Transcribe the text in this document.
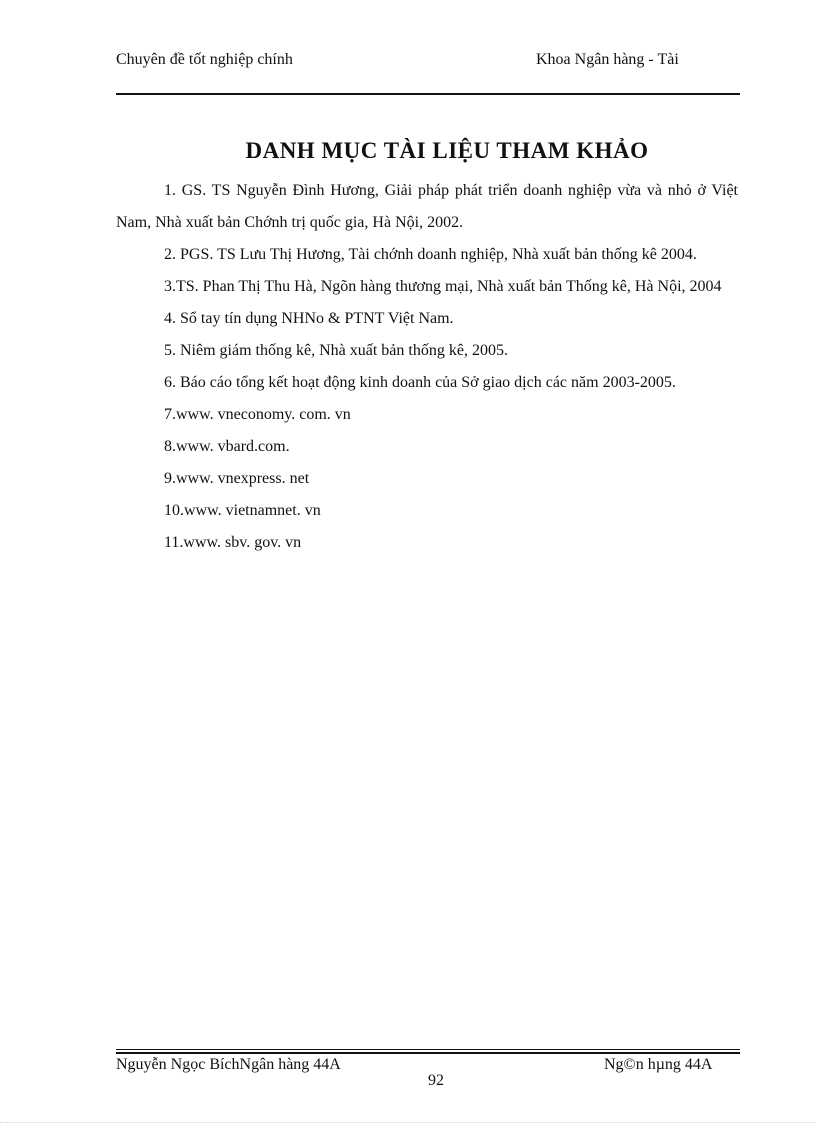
Chuyên đề tốt nghiệp chính	Khoa Ngân hàng - Tài
DANH MỤC TÀI LIỆU THAM KHẢO

1. GS. TS Nguyễn Đình Hương, Giải pháp phát triển doanh nghiệp vừa và nhỏ ở Việt Nam, Nhà xuất bản Chớnh trị quốc gia, Hà Nội, 2002.

2. PGS. TS Lưu Thị Hương, Tài chớnh doanh nghiệp, Nhà xuất bản thống kê 2004.

3.TS. Phan Thị Thu Hà, Ngõn hàng thương mại, Nhà xuất bản Thống kê, Hà Nội, 2004

4. Sổ tay tín dụng NHNo & PTNT Việt Nam.

5. Niêm giám thống kê, Nhà xuất bản thống kê, 2005.

6. Báo cáo tổng kết hoạt động kinh doanh của Sở giao dịch các năm 2003-2005.

7.www. vneconomy. com. vn

8.www. vbard.com.

9.www. vnexpress. net

10.www. vietnamnet. vn

11.www. sbv. gov. vn

Nguyễn Ngọc BíchNgân hàng 44A	Ng©n hµng 44A
92
